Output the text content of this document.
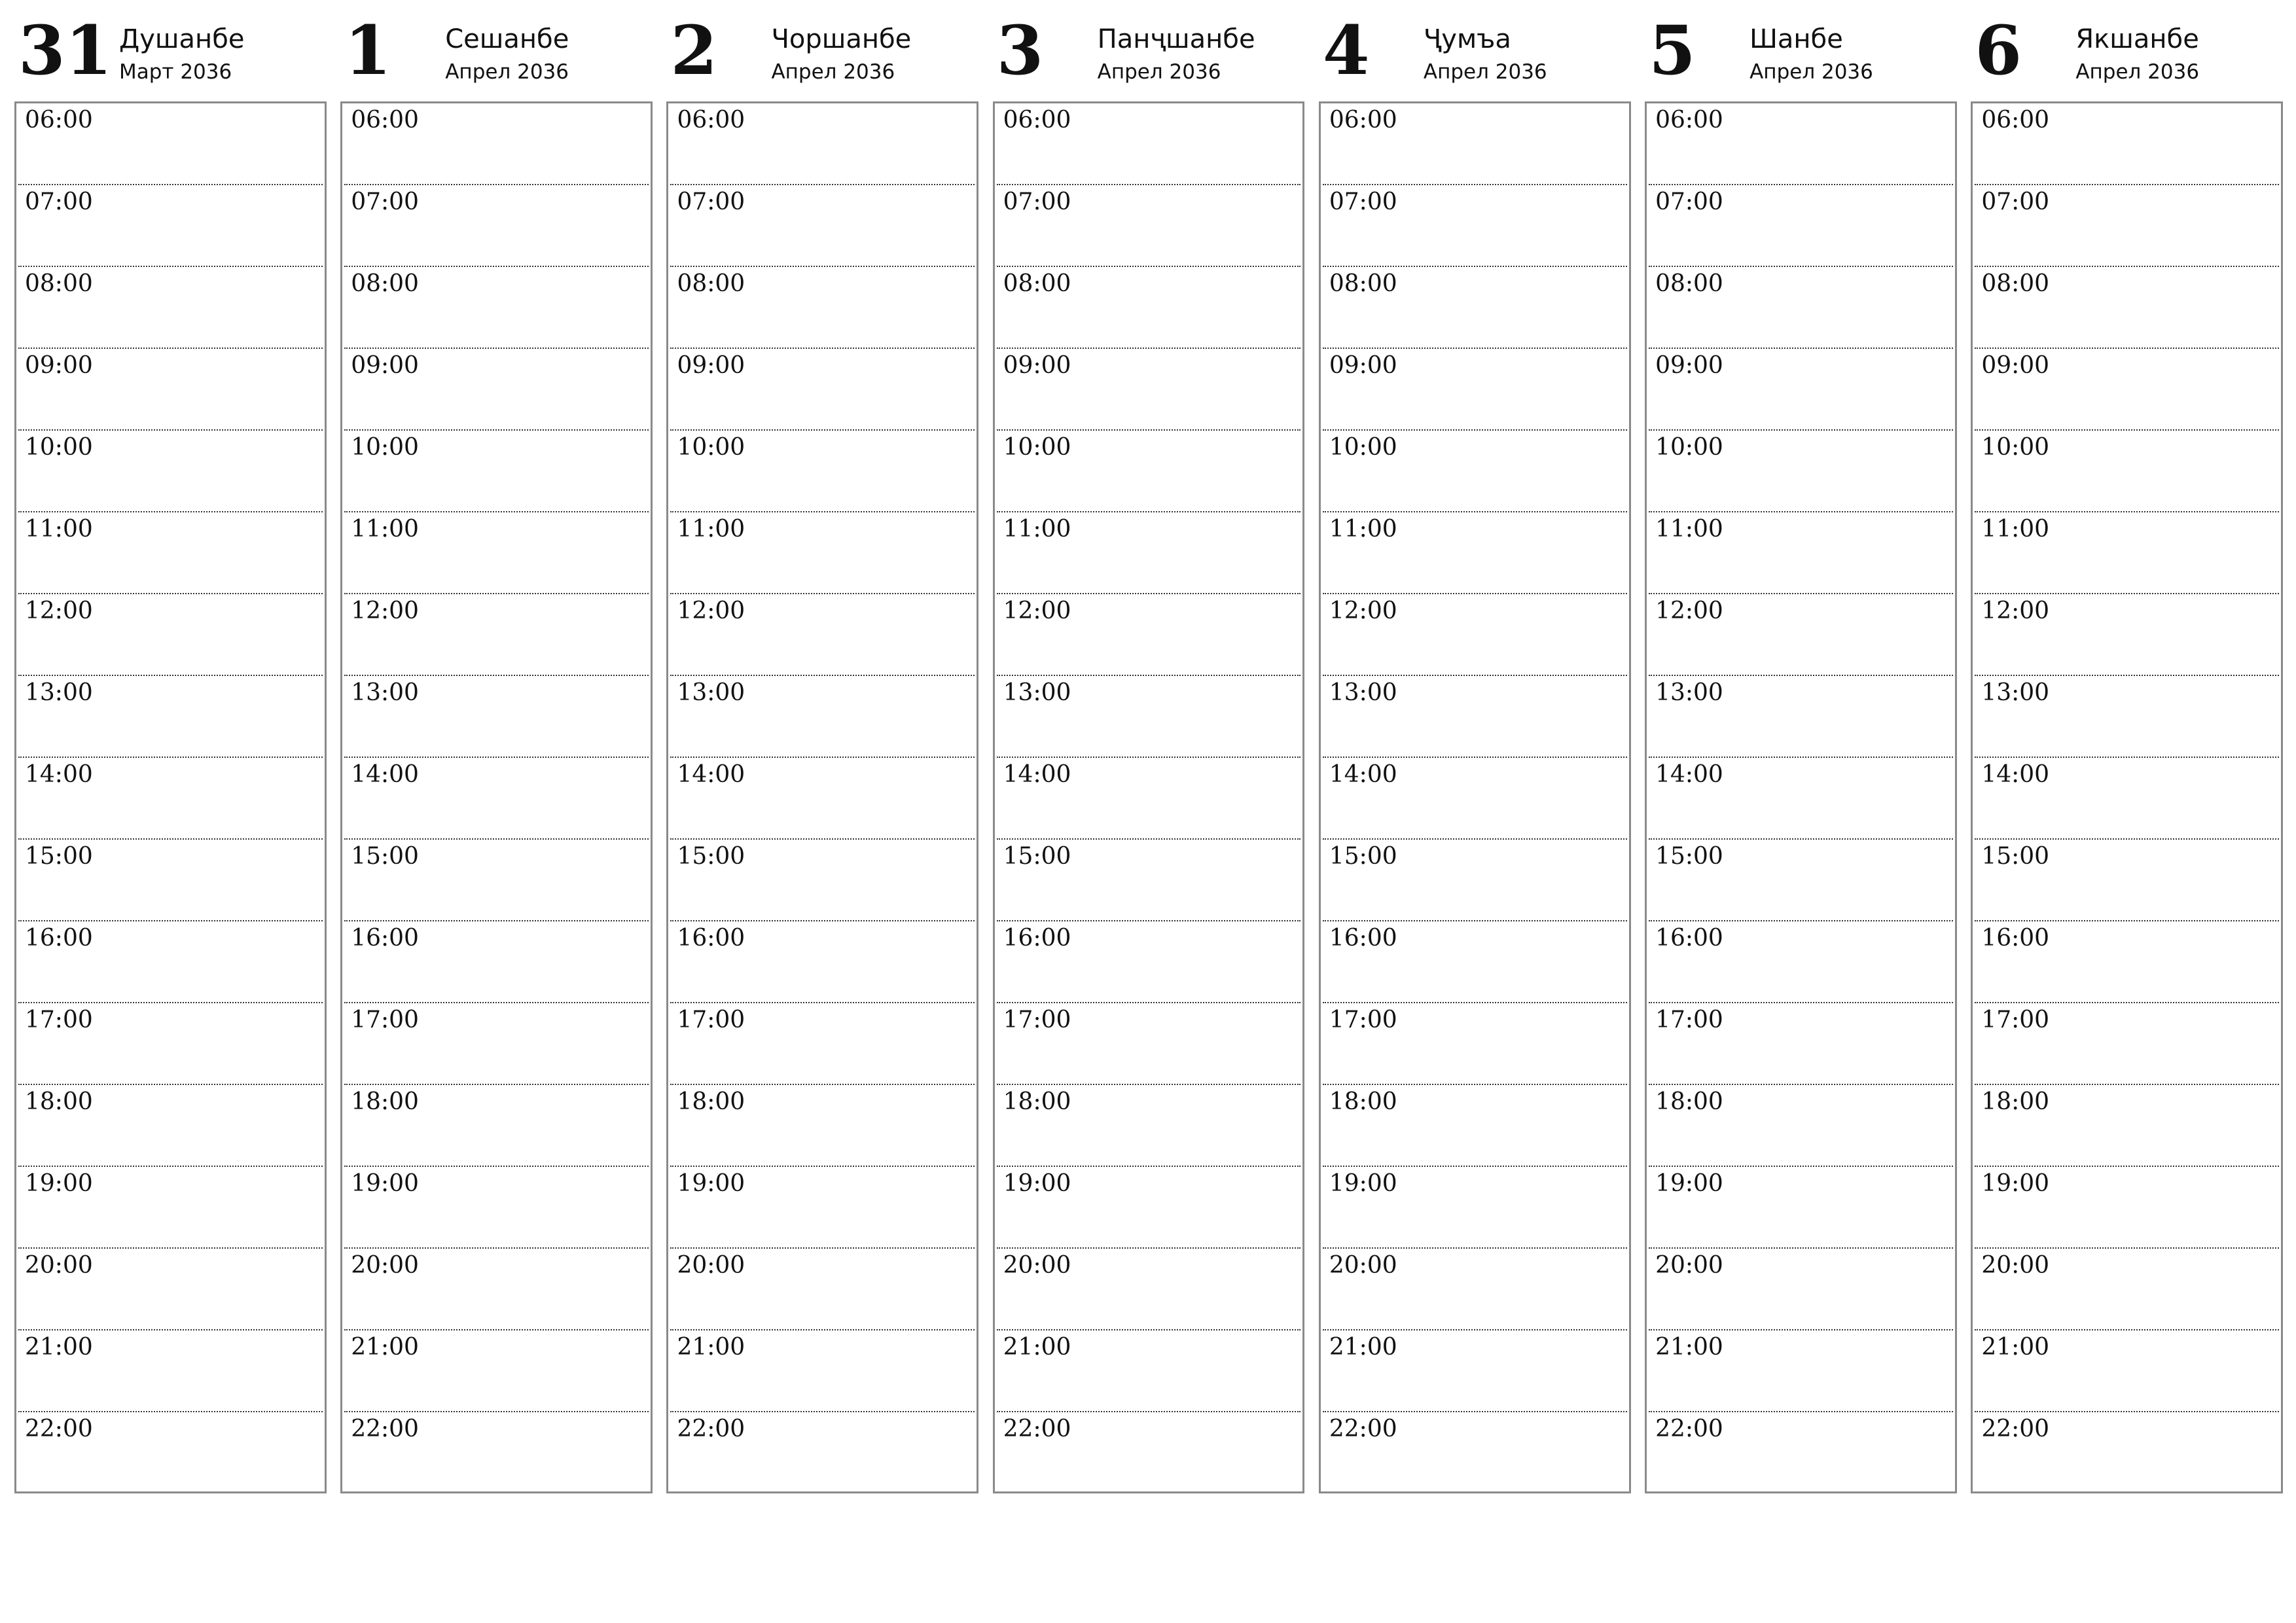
31 Душанбе
Март 2036
06:00
07:00
08:00
09:00
10:00
11:00
12:00
13:00
14:00
15:00
16:00
17:00
18:00
19:00
20:00
21:00
22:00
1 Сешанбе
Апрел 2036
06:00
07:00
08:00
09:00
10:00
11:00
12:00
13:00
14:00
15:00
16:00
17:00
18:00
19:00
20:00
21:00
22:00
2 Чоршанбе
Апрел 2036
06:00
07:00
08:00
09:00
10:00
11:00
12:00
13:00
14:00
15:00
16:00
17:00
18:00
19:00
20:00
21:00
22:00
3 Панҷшанбе
Апрел 2036
06:00
07:00
08:00
09:00
10:00
11:00
12:00
13:00
14:00
15:00
16:00
17:00
18:00
19:00
20:00
21:00
22:00
4 Ҷумъа
Апрел 2036
06:00
07:00
08:00
09:00
10:00
11:00
12:00
13:00
14:00
15:00
16:00
17:00
18:00
19:00
20:00
21:00
22:00
5 Шанбе
Апрел 2036
06:00
07:00
08:00
09:00
10:00
11:00
12:00
13:00
14:00
15:00
16:00
17:00
18:00
19:00
20:00
21:00
22:00
6 Якшанбе
Апрел 2036
06:00
07:00
08:00
09:00
10:00
11:00
12:00
13:00
14:00
15:00
16:00
17:00
18:00
19:00
20:00
21:00
22:00
